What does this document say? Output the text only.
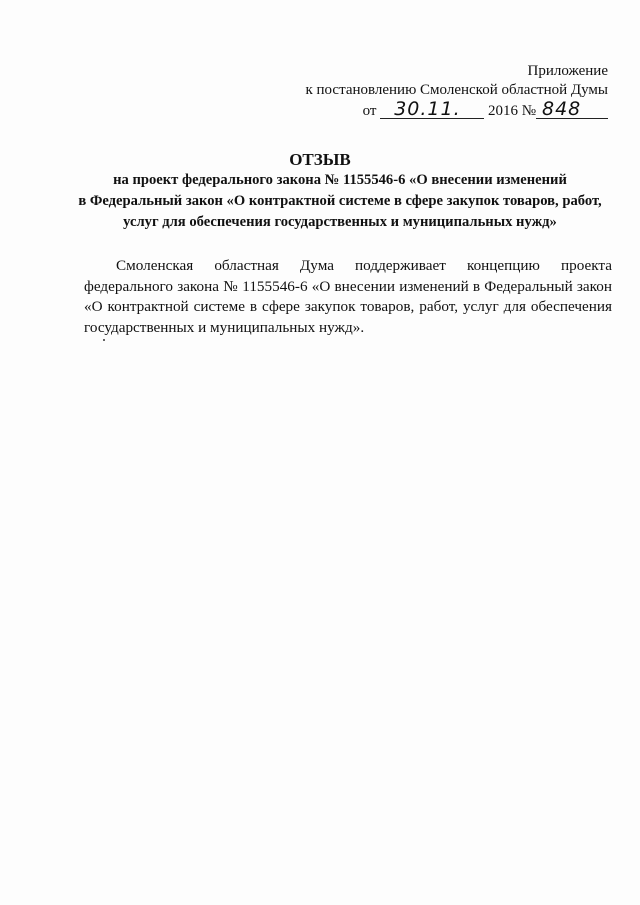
Приложение
к постановлению Смоленской областной Думы
от 30.11. 2016 № 848
ОТЗЫВ
на проект федерального закона № 1155546-6 «О внесении изменений
в Федеральный закон «О контрактной системе в сфере закупок товаров, работ,
услуг для обеспечения государственных и муниципальных нужд»
Смоленская областная Дума поддерживает концепцию проекта федерального закона № 1155546-6 «О внесении изменений в Федеральный закон «О контрактной системе в сфере закупок товаров, работ, услуг для обеспечения государственных и муниципальных нужд».
